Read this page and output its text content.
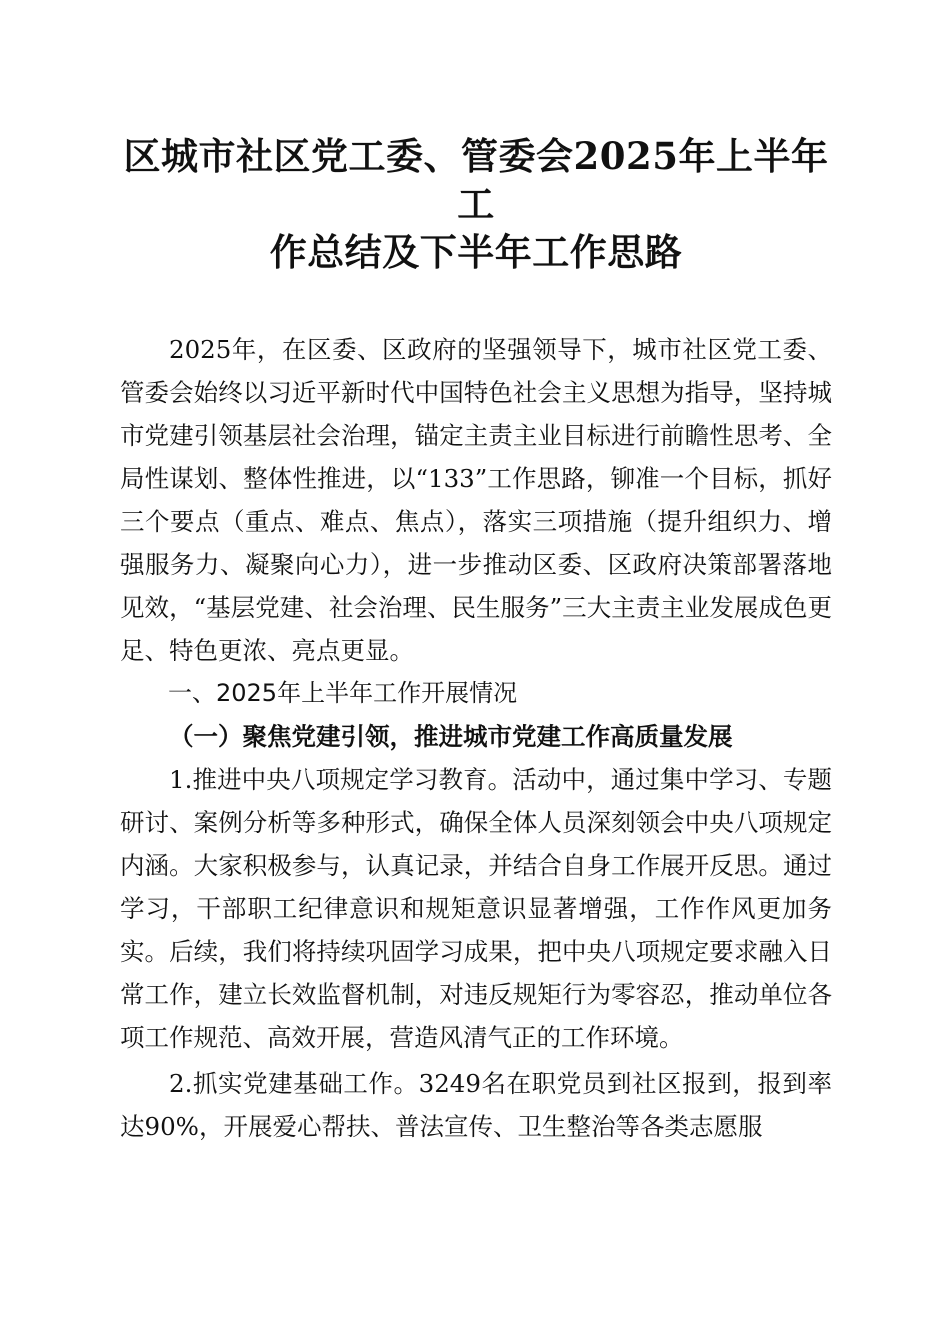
区城市社区党工委、管委会2025年上半年工
作总结及下半年工作思路

2025年，在区委、区政府的坚强领导下，城市社区党工委、管委会始终以习近平新时代中国特色社会主义思想为指导，坚持城市党建引领基层社会治理，锚定主责主业目标进行前瞻性思考、全局性谋划、整体性推进，以“133”工作思路，铆准一个目标，抓好三个要点（重点、难点、焦点），落实三项措施（提升组织力、增强服务力、凝聚向心力），进一步推动区委、区政府决策部署落地见效，“基层党建、社会治理、民生服务”三大主责主业发展成色更足、特色更浓、亮点更显。

一、2025年上半年工作开展情况

（一）聚焦党建引领，推进城市党建工作高质量发展

1.推进中央八项规定学习教育。活动中，通过集中学习、专题研讨、案例分析等多种形式，确保全体人员深刻领会中央八项规定内涵。大家积极参与，认真记录，并结合自身工作展开反思。通过学习，干部职工纪律意识和规矩意识显著增强，工作作风更加务实。后续，我们将持续巩固学习成果，把中央八项规定要求融入日常工作，建立长效监督机制，对违反规矩行为零容忍，推动单位各项工作规范、高效开展，营造风清气正的工作环境。

2.抓实党建基础工作。3249名在职党员到社区报到，报到率达90%，开展爱心帮扶、普法宣传、卫生整治等各类志愿服
